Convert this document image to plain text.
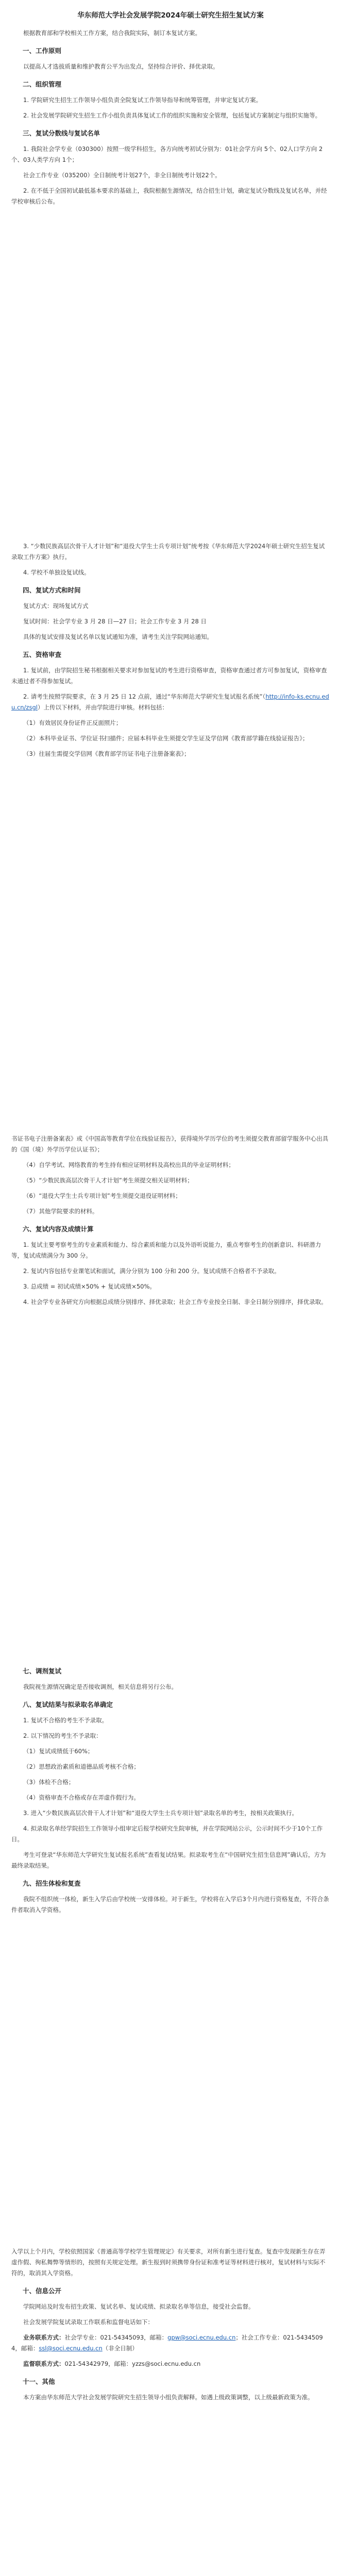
华东师范大学社会发展学院2024年硕士研究生招生复试方案

根据教育部和学校相关工作方案，结合我院实际，制订本复试方案。

一、工作原则

以提高人才选拔质量和维护教育公平为出发点，坚持综合评价、择优录取。

二、组织管理

1. 学院研究生招生工作领导小组负责全院复试工作领导指导和统筹管理，并审定复试方案。

2. 社会发展学院研究生招生工作小组负责具体复试工作的组织实施和安全管理，包括复试方案制定与组织实施等。

三、复试分数线与复试名单

1. 我院社会学专业（030300）按照一级学科招生，各方向统考初试分别为：01社会学方向 5个、02人口学方向 2个、03人类学方向 1个；

社会工作专业（035200）全日制统考计划27个，非全日制统考计划22个。

2. 在不低于全国初试最低基本要求的基础上，我院根据生源情况，结合招生计划，确定复试分数线及复试名单，并经学校审核后公布。

3. “少数民族高层次骨干人才计划”和“退役大学生士兵专项计划”统考按《华东师范大学2024年硕士研究生招生复试录取工作方案》执行。

4. 学校不单独设复试线。

四、复试方式和时间

复试方式：现场复试方式

复试时间：社会学专业 3 月 28 日—27 日；社会工作专业 3 月 28 日

具体的复试安排及复试名单以复试通知为准，请考生关注学院网站通知。

五、资格审查

1. 复试前，由学院招生秘书根据相关要求对参加复试的考生进行资格审查，资格审查通过者方可参加复试，资格审查未通过者不得参加复试。

2. 请考生按照学院要求，在 3 月 25 日 12 点前，通过“华东师范大学研究生复试报名系统”（http://info-ks.ecnu.edu.cn/zsgl）上传以下材料，并由学院进行审核。材料包括：

（1）有效居民身份证件正反面照片；

（2）本科毕业证书、学位证书扫描件；应届本科毕业生须提交学生证及学信网《教育部学籍在线验证报告》；

（3）往届生需提交学信网《教育部学历证书电子注册备案表》；

书证书电子注册备案表》或《中国高等教育学位在线验证报告》，获得境外学历学位的考生须提交教育部留学服务中心出具的《国（境）外学历学位认证书》；

（4）自学考试、网络教育的考生持有相应证明材料及高校出具的毕业证明材料；

（5）“少数民族高层次骨干人才计划”考生须提交相关证明材料；

（6）“退役大学生士兵专项计划”考生须提交退役证明材料；

（7）其他学院要求的材料。

六、复试内容及成绩计算

1. 复试主要考察考生的专业素质和能力、综合素质和能力以及外语听说能力，重点考察考生的创新意识、科研潜力等，复试成绩满分为 300 分。

2. 复试内容包括专业课笔试和面试，满分分别为 100 分和 200 分。复试成绩不合格者不予录取。

3. 总成绩 = 初试成绩×50% + 复试成绩×50%。

4. 社会学专业各研究方向根据总成绩分别排序、择优录取；社会工作专业按全日制、非全日制分别排序，择优录取。

七、调剂复试

我院视生源情况确定是否接收调剂，相关信息将另行公布。

八、复试结果与拟录取名单确定

1. 复试不合格的考生不予录取。

2. 以下情况的考生不予录取：

（1）复试成绩低于60%；

（2）思想政治素质和道德品质考核不合格；

（3）体检不合格；

（4）资格审查不合格或存在弄虚作假行为。

3. 进入“少数民族高层次骨干人才计划”和“退役大学生士兵专项计划”录取名单的考生，按相关政策执行。

4. 拟录取名单经学院招生工作领导小组审定后报学校研究生院审核，并在学院网站公示，公示时间不少于10个工作日。

考生可登录“华东师范大学研究生复试报名系统”查看复试结果。拟录取考生在“中国研究生招生信息网”确认后，方为最终录取结果。

九、招生体检和复查

我院不组织统一体检，新生入学后由学校统一安排体检。对于新生，学校将在入学后3个月内进行资格复查，不符合条件者取消入学资格。

入学以上个月内，学校依照国家《普通高等学校学生管理规定》有关要求，对所有新生进行复查。复查中发现新生存在弄虚作假、徇私舞弊等情形的，按照有关规定处理。新生报到时须携带身份证和准考证等材料进行核对，复试材料与实际不符的，取消其入学资格。

十、信息公开

学院网站及时发布招生政策、复试名单、复试成绩、拟录取名单等信息，接受社会监督。

社会发展学院复试录取工作联系和监督电话如下：

业务联系方式：社会学专业：021-54345093，邮箱：gpw@soci.ecnu.edu.cn；社会工作专业：021-54345094，邮箱：ssl@soci.ecnu.edu.cn（非全日制）

监督联系方式：021-54342979，邮箱：yzzs@soci.ecnu.edu.cn

十一、其他

本方案由华东师范大学社会发展学院研究生招生领导小组负责解释。如遇上级政策调整，以上级最新政策为准。
